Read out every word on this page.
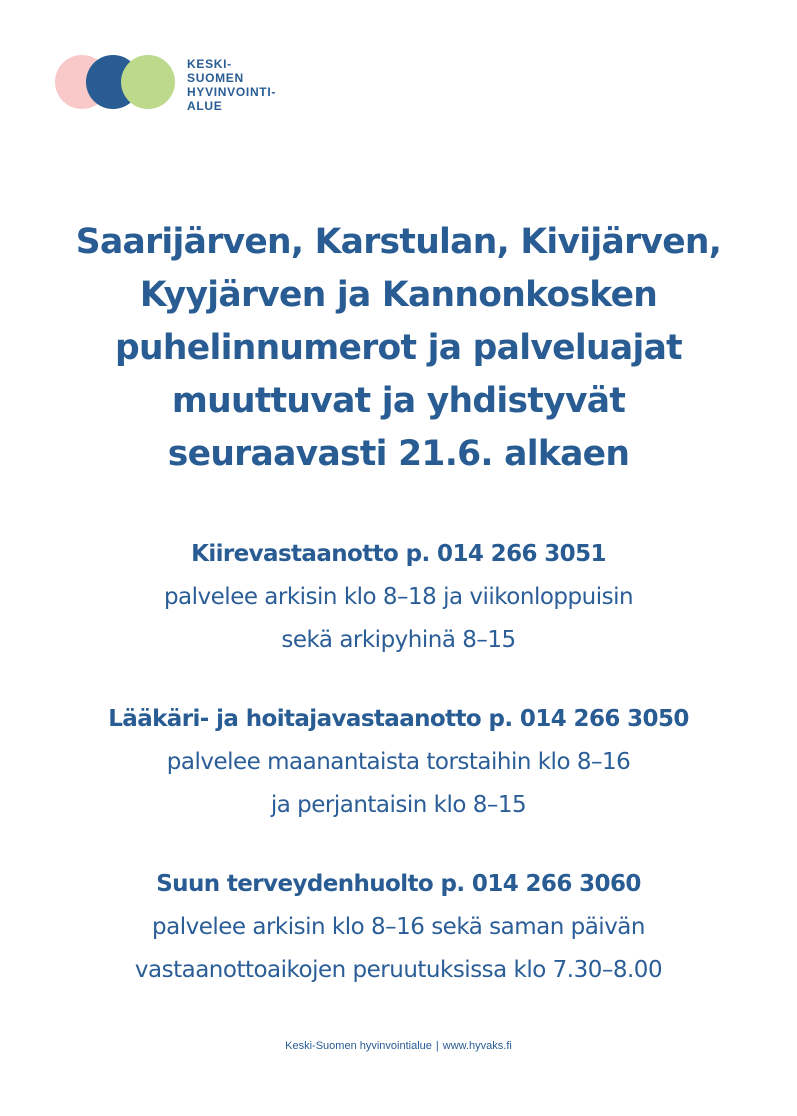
KESKI-
SUOMEN
HYVINVOINTI-
ALUE
Saarijärven, Karstulan, Kivijärven,
Kyyjärven ja Kannonkosken
puhelinnumerot ja palveluajat
muuttuvat ja yhdistyvät
seuraavasti 21.6. alkaen
Kiirevastaanotto p. 014 266 3051
palvelee arkisin klo 8–18 ja viikonloppuisin
sekä arkipyhinä 8–15
Lääkäri- ja hoitajavastaanotto p. 014 266 3050
palvelee maanantaista torstaihin klo 8–16
ja perjantaisin klo 8–15
Suun terveydenhuolto p. 014 266 3060
palvelee arkisin klo 8–16 sekä saman päivän
vastaanottoaikojen peruutuksissa klo 7.30–8.00
Keski-Suomen hyvinvointialue | www.hyvaks.fi
